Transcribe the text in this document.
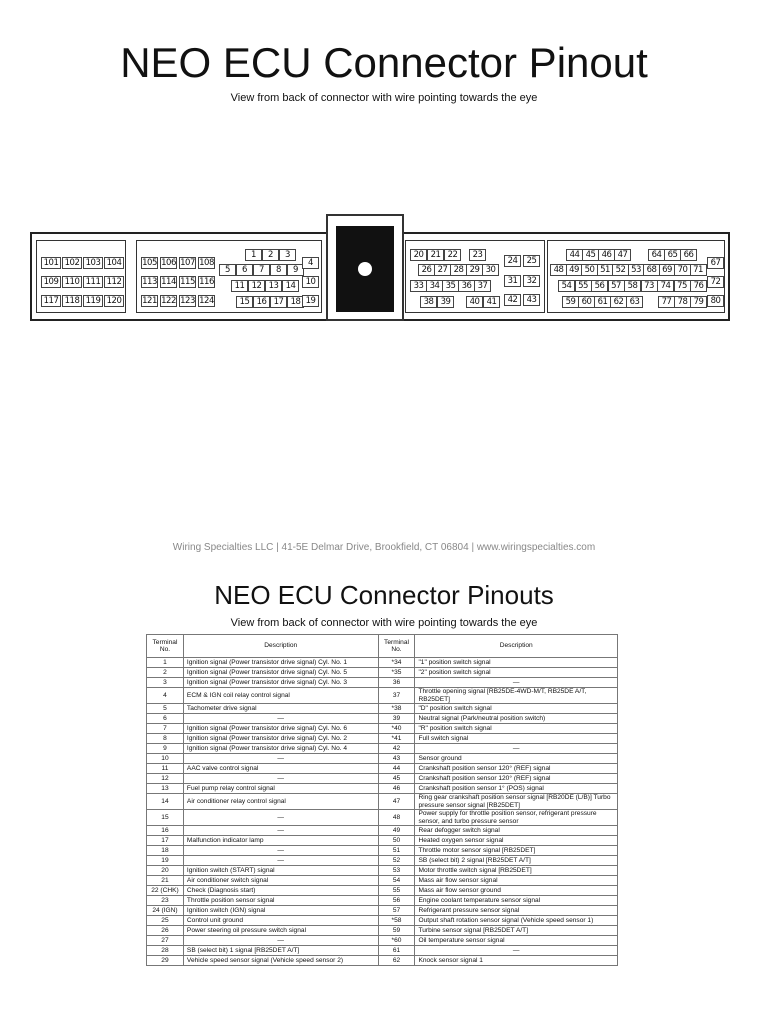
NEO ECU Connector Pinout
View from back of connector with wire pointing towards the eye
101 102 103 104
109 110 111 112
117 118 119 120
105 106 107 108
113 114 115 116
121 122 123 124
1	2	3
5	6	7	8	9
11 12 13 14
15 16 17 18
4
10
19
20 21 22	23
26 27 28 29 30
33 34 35 36 37
38 39	40 41
24	25
31	32
42	43
44 45 46 47	64 65 66
48 49 50 51 52 53 68 69 70 71
54 55 56 57 58 73 74 75 76
59 60 61 62 63	77 78 79
67
72
80
Wiring Specialties LLC | 41-5E Delmar Drive, Brookfield, CT 06804 | www.wiringspecialties.com
NEO ECU Connector Pinouts
View from back of connector with wire pointing towards the eye
Terminal No.	Description	Terminal No.	Description
1	Ignition signal (Power transistor drive signal) Cyl. No. 1	*34	"1" position switch signal
2	Ignition signal (Power transistor drive signal) Cyl. No. 5	*35	"2" position switch signal
3	Ignition signal (Power transistor drive signal) Cyl. No. 3	36	—
4	ECM & IGN coil relay control signal	37	Throttle opening signal [RB25DE-4WD-M/T, RB25DE A/T, RB25DET]
5	Tachometer drive signal	*38	"D" position switch signal
6	—	39	Neutral signal (Park/neutral position switch)
7	Ignition signal (Power transistor drive signal) Cyl. No. 6	*40	"R" position switch signal
8	Ignition signal (Power transistor drive signal) Cyl. No. 2	*41	Full switch signal
9	Ignition signal (Power transistor drive signal) Cyl. No. 4	42	—
10	—	43	Sensor ground
11	AAC valve control signal	44	Crankshaft position sensor 120° (REF) signal
12	—	45	Crankshaft position sensor 120° (REF) signal
13	Fuel pump relay control signal	46	Crankshaft position sensor 1° (POS) signal
14	Air conditioner relay control signal	47	Ring gear crankshaft position sensor signal [RB20DE (L/B)] Turbo pressure sensor signal [RB25DET]
15	—	48	Power supply for throttle position sensor, refrigerant pressure sensor, and turbo pressure sensor
16	—	49	Rear defogger switch signal
17	Malfunction indicator lamp	50	Heated oxygen sensor signal
18	—	51	Throttle motor sensor signal [RB25DET]
19	—	52	SB (select bit) 2 signal [RB25DET A/T]
20	Ignition switch (START) signal	53	Motor throttle switch signal [RB25DET]
21	Air conditioner switch signal	54	Mass air flow sensor signal
22 (CHK)	Check (Diagnosis start)	55	Mass air flow sensor ground
23	Throttle position sensor signal	56	Engine coolant temperature sensor signal
24 (IGN)	Ignition switch (IGN) signal	57	Refrigerant pressure sensor signal
25	Control unit ground	*58	Output shaft rotation sensor signal (Vehicle speed sensor 1)
26	Power steering oil pressure switch signal	59	Turbine sensor signal [RB25DET A/T]
27	—	*60	Oil temperature sensor signal
28	SB (select bit) 1 signal [RB25DET A/T]	61	—
29	Vehicle speed sensor signal (Vehicle speed sensor 2)	62	Knock sensor signal 1
